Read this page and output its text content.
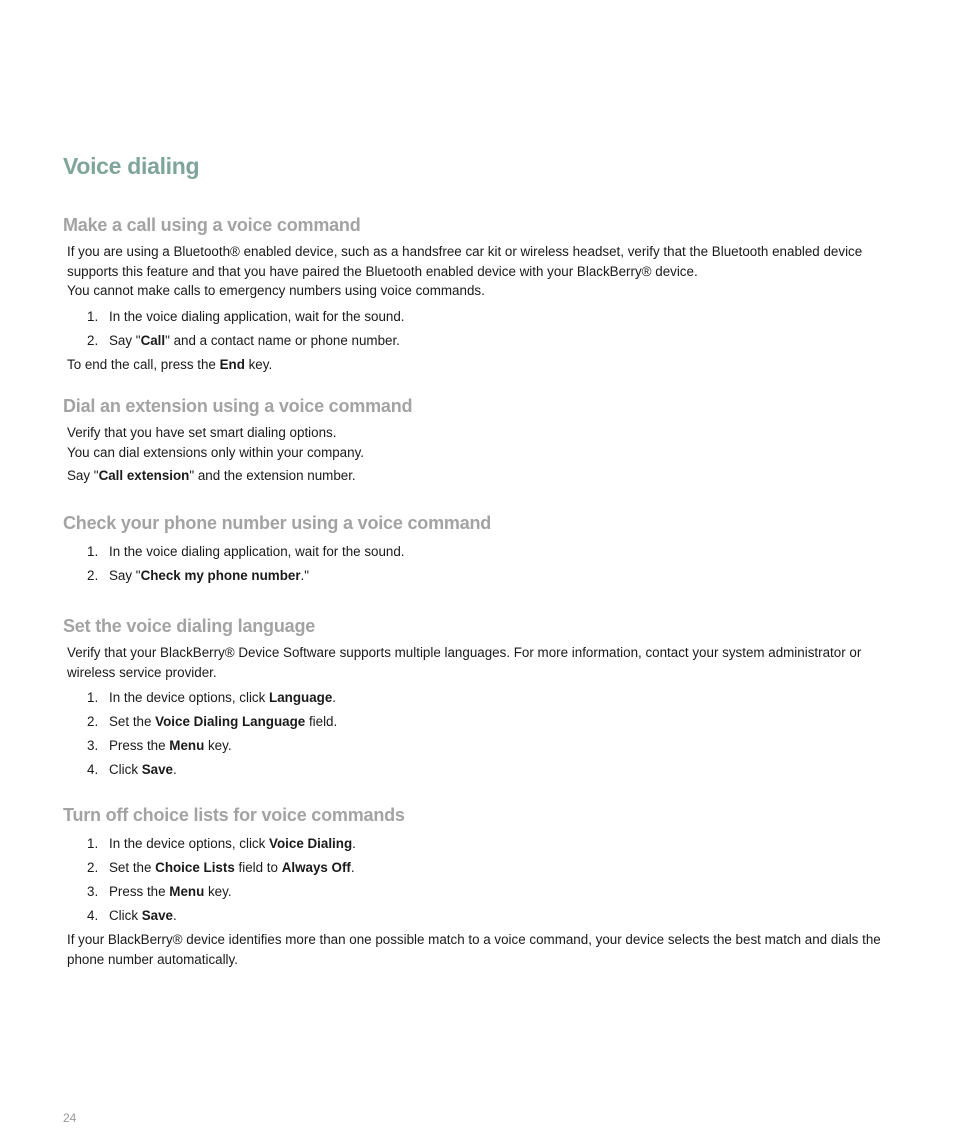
Voice dialing
Make a call using a voice command

If you are using a Bluetooth® enabled device, such as a handsfree car kit or wireless headset, verify that the Bluetooth enabled device supports this feature and that you have paired the Bluetooth enabled device with your BlackBerry® device.

You cannot make calls to emergency numbers using voice commands.

1. In the voice dialing application, wait for the sound.
2. Say "Call" and a contact name or phone number.

To end the call, press the End key.

Dial an extension using a voice command

Verify that you have set smart dialing options.

You can dial extensions only within your company.

Say "Call extension" and the extension number.

Check your phone number using a voice command
1. In the voice dialing application, wait for the sound.
2. Say "Check my phone number."
Set the voice dialing language

Verify that your BlackBerry® Device Software supports multiple languages. For more information, contact your system administrator or wireless service provider.

1. In the device options, click Language.
2. Set the Voice Dialing Language field.
3. Press the Menu key.
4. Click Save.
Turn off choice lists for voice commands
1. In the device options, click Voice Dialing.
2. Set the Choice Lists field to Always Off.
3. Press the Menu key.
4. Click Save.

If your BlackBerry® device identifies more than one possible match to a voice command, your device selects the best match and dials the phone number automatically.

24
